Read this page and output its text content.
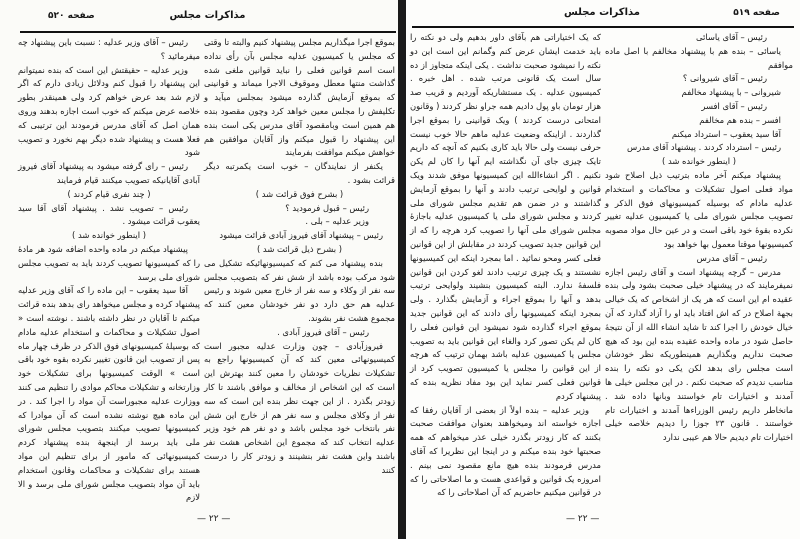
مذاکرات مجلس
صفحه ۵۲۰

بموقع اجرا میگذاریم مجلس پیشنهاد کنیم والبته تا وقتی که مجلس یا کمیسیون عدلیه مجلس بآن رأی نداده است اسم قوانین فعلی را نباید قوانین ملغی شده گذاشت منتها معطل وموقوف الاجرا میماند و قوانینی که بموقع آزمایش گذارده میشود بمجلس میآید و تکلیفش را مجلس معین خواهد کرد وچون مقصود بنده هم همین است وبامقصود آقای مدرس یکی است بنده این پیشنهاد را قبول میکنم واز آقایان موافقین هم خواهش میکنم موافقت بفرمایند

یکنفر از نمایندگان – خوب است یکمرتبه دیگر قرائت بشود .

( بشرح فوق قرائت شد )

رئیس – قبول فرمودید ؟

وزیر عدلیه – بلی .

رئیس – پیشنهاد آقای فیروز آبادی قرائت میشود

( بشرح ذیل قرائت شد )

بنده پیشنهاد می کنم که کمیسیونهائیکه تشکیل می شود مرکب بوده باشد از شش نفر که بتصویب مجلس سه نفر از وکلاء و سه نفر از خارج معین شوند و رئیس عدلیه هم حق دارد دو نفر خودشان معین کنند که مجموع هشت نفر بشوند.

رئیس – آقای فیروز آبادی .

فیروزآبادی – چون وزارت عدلیه مجبور است کمیسیونهائی معین کند که آن کمیسیونها راجع به تشکیلات نظریات خودشان را معین کنند بهترش این است که این اشخاص از مخالف و موافق باشند تا کار زودتر بگذرد . از این جهت نظر بنده این است که سه نفر از وکلای مجلس و سه نفر هم از خارج این شش نفر بانتخاب خود مجلس باشد و دو نفر هم خود وزیر عدلیه انتخاب کند که مجموع این اشخاص هشت نفر باشند واین هشت نفر بنشینند و زودتر کار را درست کنند

رئیس – آقای وزیر عدلیه : نسبت باین پیشنهاد چه میفرمائید ؟

وزیر عدلیه – حقیقتش این است که بنده نمیتوانم این پیشنهاد را قبول کنم ودلائل زیادی دارم که اگر لازم شد بعد عرض خواهم کرد ولی همینقدر بطور خلاصه عرض میکنم که خوب است اجازه بدهند وروی همان اصل که آقای مدرس فرمودند این ترتیبی که فعلا هست و پیشنهاد شده دیگر بهم نخورد و تصویب شود

رئیس – رای گرفته میشود به پیشنهاد آقای فیروز آبادی آقایانیکه تصویب میکنند قیام فرمایند

( چند نفری قیام کردند )

رئیس – تصویب نشد . پیشنهاد آقای آقا سید یعقوب قرائت میشود .

( اینطور خوانده شد )

پیشنهاد میکنم در ماده واحده اضافه شود هر مادهٔ را که کمیسیونها تصویب کردند باید به تصویب مجلس شورای ملی برسد

آقا سید یعقوب – این ماده را که آقای وزیر عدلیه پیشنهاد کرده و مجلس میخواهد رای بدهد بنده قرائت میکنم تا آقایان در نظر داشته باشند . نوشته است « اصول تشکیلات و محاکمات و استخدام عدلیه مادام که بوسیلهٔ کمیسیونهای فوق الذکر در ظرف چهار ماه پس از تصویب این قانون تغییر نکرده بقوه خود باقی است » الوقت کمیسیونها برای تشکیلات خود وزارتخانه و تشکیلات محاکم موادی را تنظیم می کنند ووزارت عدلیه مجبوراست آن مواد را اجرا کند . در این ماده هیچ نوشته نشده است که آن موادرا که کمیسیونها تصویب میکنند بتصویب مجلس شورای ملی باید برسد از اینجهة بنده پیشنهاد کردم کمیسیونهائی که مامور از برای تنظیم این مواد هستند برای تشکیلات و محاکمات وقانون استخدام باید آن مواد بتصویب مجلس شورای ملی برسد و الا لازم

— ۲۲ —
مذاکرات مجلس	صفحه ۵۱۹

رئیس – آقای یاسائی

یاسائی – بنده هم با پیشنهاد مخالفم با اصل ماده موافقم

رئیس – آقای شیروانی ؟

شیروانی – با پیشنهاد مخالفم

رئیس – آقای افسر

افسر – بنده هم مخالفم

آقا سید یعقوب – استرداد میکنم

رئیس – استرداد کردند . پیشنهاد آقای مدرس

( اینطور خوانده شد )

پیشنهاد میکنم آخر ماده بترتیب ذیل اصلاح شود مواد فعلی اصول تشکیلات و محاکمات و استخدام عدلیه مادام که بوسیله کمیسیونهای فوق الذکر و تصویب مجلس شورای ملی یا کمیسیون عدلیه تغییر نکرده بقوهٔ خود باقی است و در عین حال مواد مصوبه کمیسیونها موقتا معمول بها خواهد بود

رئیس – آقای مدرس

مدرس – گرچه پیشنهاد است و آقای رئیس اجازه نمیفرمایند که در پیشنهاد خیلی صحبت بشود ولی بنده عقیده ام این است که هر یک از اشخاص که یک خیالی بجهة اصلاح در که اش افتاد باید او را آزاد گذارد که آن خیال خودش را اجرا کند تا شاید انشاء الله از آن نتیجهٔ حاصل شود در ماده واحده عقیده بنده این بود که هیچ صحبت نداریم وبگذاریم همینطوریکه نظر خودشان است مجلس رای بدهد لکن یکی دو نکته را بنده مناسب ندیدم که صحبت نکنم . در این مجلس خیلی ها آمدند و اختیارات تام خواستند وبانها داده شد . مانخاطر داریم رئیس الوزراءها آمدند و اختیارات تام خواستند . قانون ۲۳ جوزا را دیدیم خلاصه خیلی اختیارات تام دیدیم حالا هم عیبی ندارد

که یک اختیاراتی هم بآقای داور بدهیم ولی دو نکته را باید خدمت ایشان عرض کنم وگمانم این است این دو نکته را نمیشود صحبت نداشت . یکی اینکه متجاوز از ده سال است یک قانونی مرتب شده . اهل خبره . کمیسیون عدلیه . یک مستشاریکه آوردیم و قریب صد هزار تومان باو پول دادیم همه جراو نظر کردند ( وقانون امتحانی درست کردند ) ویک قوانینی را بموقع اجرا گذاردند . ازاینکه وضعیت عدلیه ماهم حالا خوب نیست حرفی نیست ولی حالا باید کاری بکنیم که آنچه که داریم تایک چیزی جای آن نگذاشته ایم آنها را کان لم یکن نکنیم . اگر انشاءالله این کمیسیونها موفق شدند ویک قوانین و لوایحی ترتیب دادند و آنها را بموقع آزمایش گذاشتند و در ضمن هم تقدیم مجلس شورای ملی کردند و مجلس شورای ملی یا کمیسیون عدلیه باجازهٔ مجلس شورای ملی آنها را تصویب کرد هرچه را که از این قوانین جدید تصویب کردند در مقابلش از این قوانین فعلی کسر ومحو نمائید . اما بمجرد اینکه این کمیسیونها نشستند و یک چیزی ترتیب دادند لغو کردن این قوانین فلسفهٔ ندارد. البته کمیسیون بنشیند ولوایحی ترتیب بدهد و آنها را بموقع اجراء و آزمایش بگذارد . ولی بمجرد اینکه کمیسیونها رأی دادند که این قوانین جدید بموقع اجراء گذارده شود نمیشود این قوانین فعلی را کان لم یکن تصور کرد والغاء این قوانین باید به تصویب مجلس یا کمیسیون عدلیه باشد بهمان ترتیب که هرچه از این قوانین را مجلس یا کمیسیون تصویب کرد از قوانین فعلی کسر نماید این بود مفاد نظریه بنده که پیشنهاد کردم

وزیر عدلیه – بنده اولاً از بعضی از آقایان رفقا که اجازه خواسته اند ومیخواهند بعنوان موافقت صحبت بکنند که کار زودتر بگذرد خیلی عذر میخواهم که همه صحبتها خود بنده میکنم و در اینجا این نظریرا که آقای مدرس فرمودند بنده هیچ مانع مقصود نمی بینم . امروزه یک قوانین و قواعدی هست و ما اصلاحاتی را که در قوانین میکنیم حاضریم که آن اصلاحاتی را که

— ۲۲ —
